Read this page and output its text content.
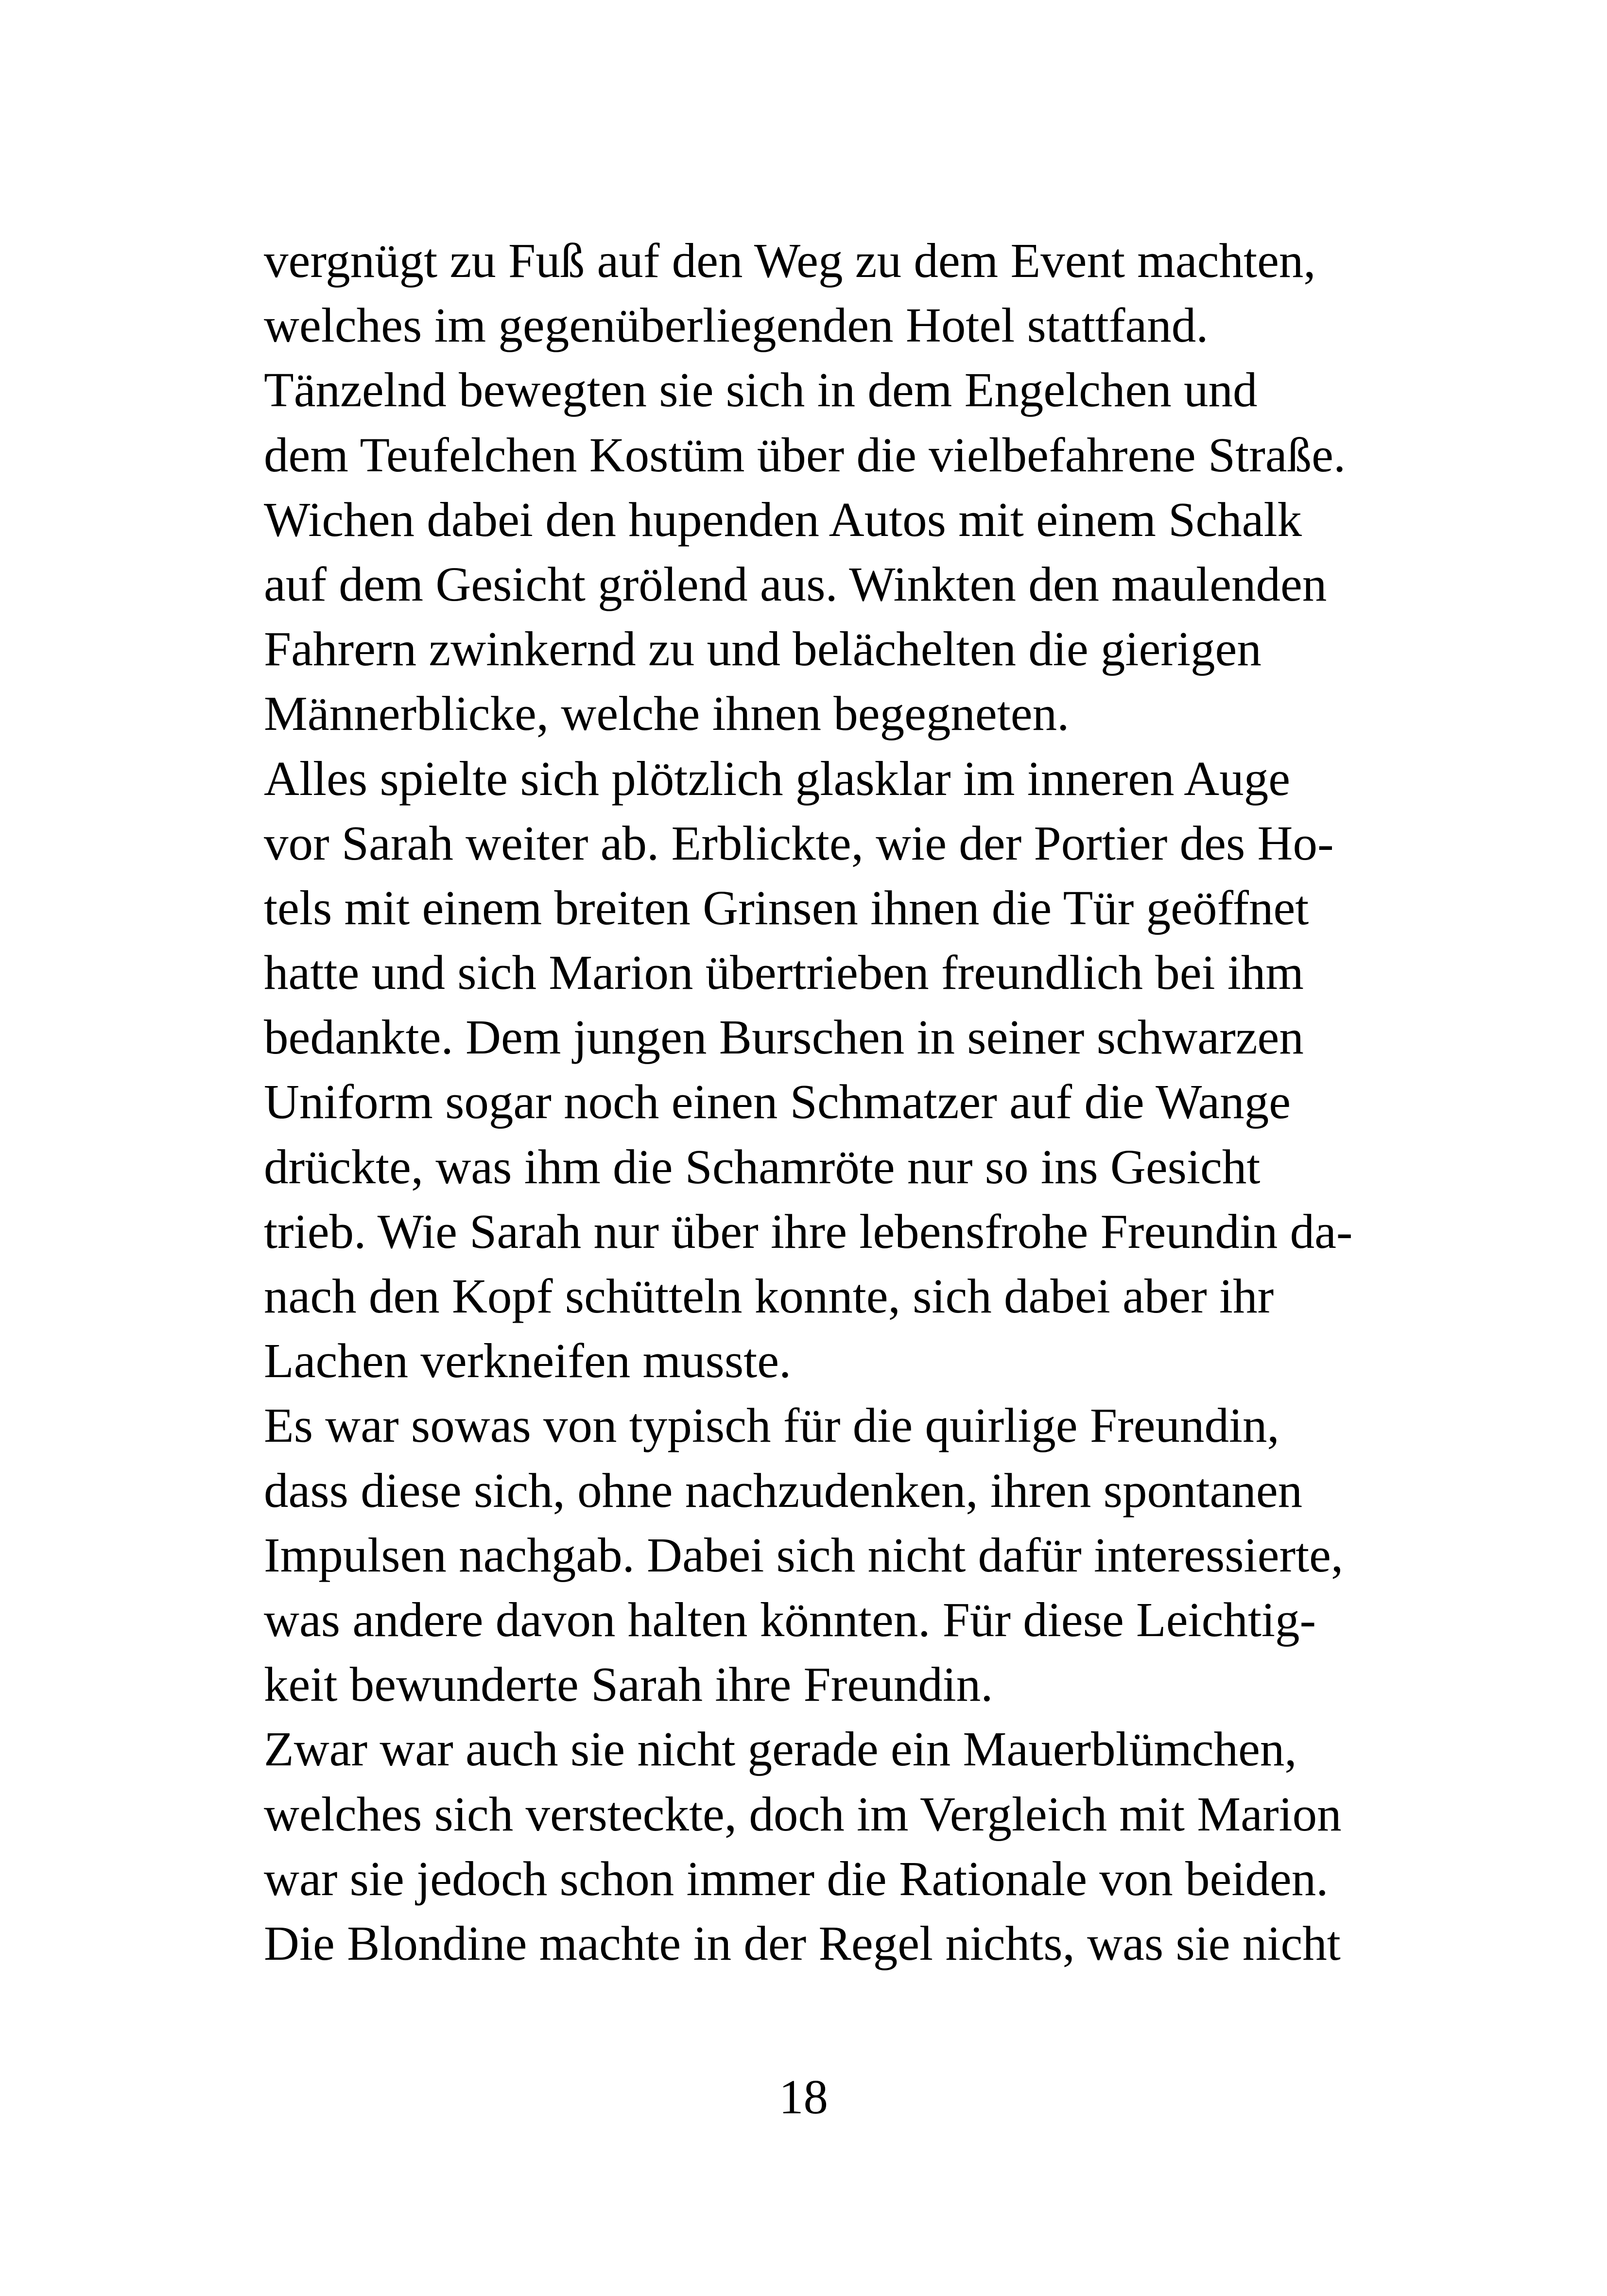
vergnügt zu Fuß auf den Weg zu dem Event machten,
welches im gegenüberliegenden Hotel stattfand.
Tänzelnd bewegten sie sich in dem Engelchen und
dem Teufelchen Kostüm über die vielbefahrene Straße.
Wichen dabei den hupenden Autos mit einem Schalk
auf dem Gesicht grölend aus. Winkten den maulenden
Fahrern zwinkernd zu und belächelten die gierigen
Männerblicke, welche ihnen begegneten.
Alles spielte sich plötzlich glasklar im inneren Auge
vor Sarah weiter ab. Erblickte, wie der Portier des Ho-
tels mit einem breiten Grinsen ihnen die Tür geöffnet
hatte und sich Marion übertrieben freundlich bei ihm
bedankte. Dem jungen Burschen in seiner schwarzen
Uniform sogar noch einen Schmatzer auf die Wange
drückte, was ihm die Schamröte nur so ins Gesicht
trieb. Wie Sarah nur über ihre lebensfrohe Freundin da-
nach den Kopf schütteln konnte, sich dabei aber ihr
Lachen verkneifen musste.
Es war sowas von typisch für die quirlige Freundin,
dass diese sich, ohne nachzudenken, ihren spontanen
Impulsen nachgab. Dabei sich nicht dafür interessierte,
was andere davon halten könnten. Für diese Leichtig-
keit bewunderte Sarah ihre Freundin.
Zwar war auch sie nicht gerade ein Mauerblümchen,
welches sich versteckte, doch im Vergleich mit Marion
war sie jedoch schon immer die Rationale von beiden.
Die Blondine machte in der Regel nichts, was sie nicht
18
